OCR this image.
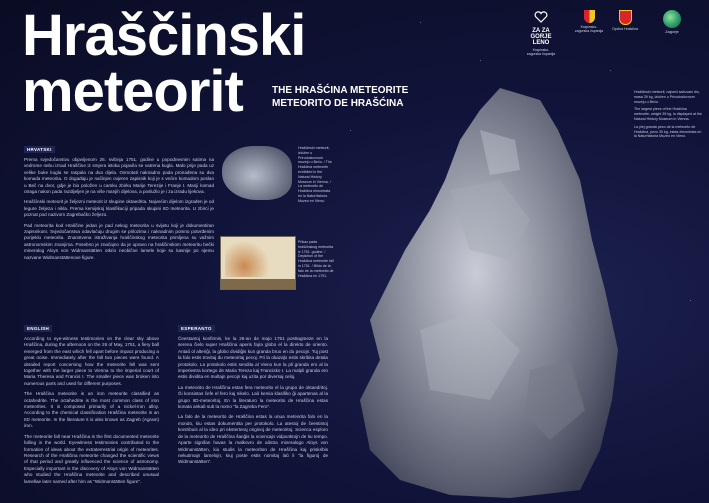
Hraščinski
meteorit	THE HRAŠĆINA METEORITE
METEORITO DE HRAŠĆINA
ZA ZA GORJE LENO
Krapinsko-zagorska županija
Krapinsko-zagorska županija	Općina Hraščina	Zagorje
HRVATSKI

Prema svjedočanstvu objavljenom 26. svibnja 1751. godine u popodnevnim satima na vedrome nebu iznad Hraščine iz smjera istoka pojavila se vatrena kugla. Malo prije pada uz velike buke kugla se raspala na dva dijela. Osmotati naknadno pada pronađena su dva komada meteorita. O događaju je načinjen ovjeren zapisnik koji je s većim komadom poslan u Beč na dvor, gdje je bio položen u carsku zbirku Marije Terezije i Franje I. Manji komad otraga nakon pada razdijeljen je na više manjih dijelova, a poslužio je i za izradu lijekova.

Hraščinski meteorit je željezni meteorit iz skupine oktaedrita. Najvećim dijelom izgrađen je od legure željeza i nikla. Prema kemijskoj klasifikaciji pripada skupini IID meteorita. U zbirci je poznat pod nazivom Zagrebačko željezo.

Pad meteorita kod Hraščine jedan je pad nekog meteorita u svijetu koji je dokumentiran zapisnikom. Svjedočanstva odavlaćuju drugim se prilozima i naknadnim pomno potvrđenim porijeklu meteorita. Znanstvena istraživanja hraščinskog meteorita primljena su važnim astronomskim znanjima. Posebno je značajno da je upravo na hraščinskom meteoritu bečki mineralog Aloys von Widmanstätten otkrio neobične lamele koje su kasnije po njemu nazvane Widmanstättenove figure.

Hraščinski meteorit, izložen u Prirodoslovnom muzeju u Beču. / The Hraščina meteorite exhibited in the Natural History Museum in Vienna. / La meteorito de Hraščina elmontrata en la Naturhistoria Muzeo en Vieno.
Prikaz pada hraščinskog meteorita iz 1751. godine. / Depiction of the Hraščina meteorite fall in 1751. / Bildo de la falo de la meteorito de Hraščina en 1751.
ENGLISH

According to eye-witness testimonies on the clear sky above Hraščina, during the afternoon on the 26 of May, 1751, a fiery ball emerged from the east which fell apart before impact producing a great noise. Immediately after the fall two pieces were found. A detailed report concerning how the meteorite fell was sent together with the larger piece to Vienna to the imperial court of Maria Theresa and Francis I. The smaller piece was broken into numerous parts and used for different purposes.

The Hraščina meteorite is an iron meteorite classified as octahedrite. The octahedrite is the most common class of iron meteorites. It is composed primarily of a nickel-iron alloy. According to the chemical classification Hraščina meteorite is an IID meteorite. In the literature it is also known as Zagreb (Agram) iron.

The meteorite fall near Hraščina is the first documented meteorite falling in the world. Eyewitness testimonies contributed to the formation of ideas about the extraterrestrial origin of meteorites. Research of the Hraščina meteorite changed the scientific views of that period and greatly influenced the science of astronomy. Especially important is the discovery of Aloys von Widmanstätten who studied the Hraščina meteorite and described unusual lamellae later named after him as "Widmanstätten figure".

ESPERANTO

Ĉeestantoj konfirmis, ke la 26-an de majo 1751 posttagmeze en la serena ĉielo super Hraščina aperis fajra globo el la direkto de oriento. Antaŭ ol alteriĝi, la globo dividiĝis kun granda bruo en du pecojn. Tuj post la falo estis trovitaj du meteoritaj pecoj. Pri la okazaĵo estis skribita detala protokolo. La protokolo estis sendita al Vieno kun la pli granda ero al la imperiestra kortego de Maria Tereza kaj Francisko I. La malpli granda ero estis dividita en multajn pecojn kaj uzita por diversaj celoj.

La meteorito de Hraščina estas fera meteorito el la grupo de oktaedritoj. Ĝi konsistas ĉefe el fero kaj nikelo. Laŭ kemia klasifiko ĝi apartenas al la grupo IID-meteoritoj. En la literaturo la meteorito de Hraščina estas konata ankaŭ sub la nomo "la Zagreba Fero".

La falo de la meteorito de Hraščina estas la unua meteorita falo en la mondo, kiu estas dokumentita per protokolo. La atestoj de ĉeestintoj kontribuis al la ideo pri eksterteraj originoj de meteoritoj. Scienca esploro de la meteorito de Hraščina ŝanĝis la sciencajn vidpunktojn de tiu tempo. Aparte signifan havas la malkovro de aŭstra mineralogo Aloys von Widmanstätten, kiu studis la meteoriton de Hraščina kaj priskribis nekutimajn lamelojn, kiuj poste estis nomitaj laŭ li "la figuroj de Widmanstätten".

Hraščinski meteorit, najveći sačuvani dio, masa 39 kg, izložen u Prirodoslovnom muzeju u Beču.

The largest piece of the Hraščina meteorite, weight 39 kg, is displayed at the Natural History Museum in Vienna.

La plej granda peco de la meteorito de Hraščina, pezo 39 kg, estas elmontrata en la Naturhistoria Muzeo en Vieno.
